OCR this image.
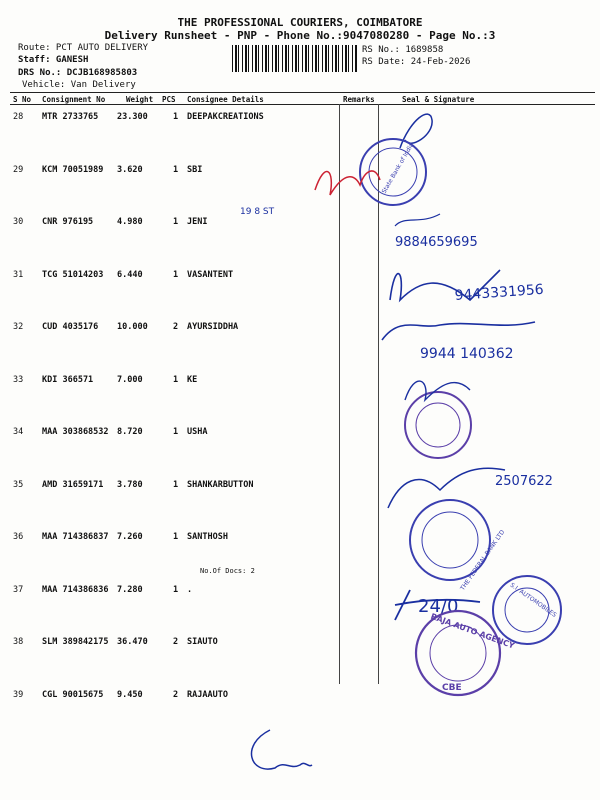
THE PROFESSIONAL COURIERS, COIMBATORE
Delivery Runsheet - PNP - Phone No.:9047080280 - Page No.:3
Route: PCT AUTO DELIVERY
Staff: GANESH
DRS No.: DCJB168985803
Vehicle: Van Delivery
RS No.: 1689858
RS Date: 24-Feb-2026
S No Consignment No	Weight PCS Consignee Details	Remarks	Seal & Signature
28 MTR 2733765 23.300	1 DEEPAKCREATIONS
29 KCM 70051989 3.620	1 SBI
30 CNR 976195	4.980	1 JENI
31 TCG 51014203 6.440	1 VASANTENT
32 CUD 4035176 10.000	2 AYURSIDDHA
33 KDI 366571	7.000	1 KE
34 MAA 303868532 8.720	1 USHA
35 AMD 31659171 3.780	1 SHANKARBUTTON
36 MAA 714386837 7.260	1 SANTHOSH
37 MAA 714386836 7.280	1 .
38 SLM 389842175 36.470	2 SIAUTO
39 CGL 90015675 9.450	2 RAJAAUTO
No.Of Docs: 2
State Bank of India
19 8 ST
9884659695
9443331956
9944 140362
2507622
THE FEDERAL BANK LTD
24/0	S.I. AUTOMOBILES
RAJA AUTO AGENCY
CBE
